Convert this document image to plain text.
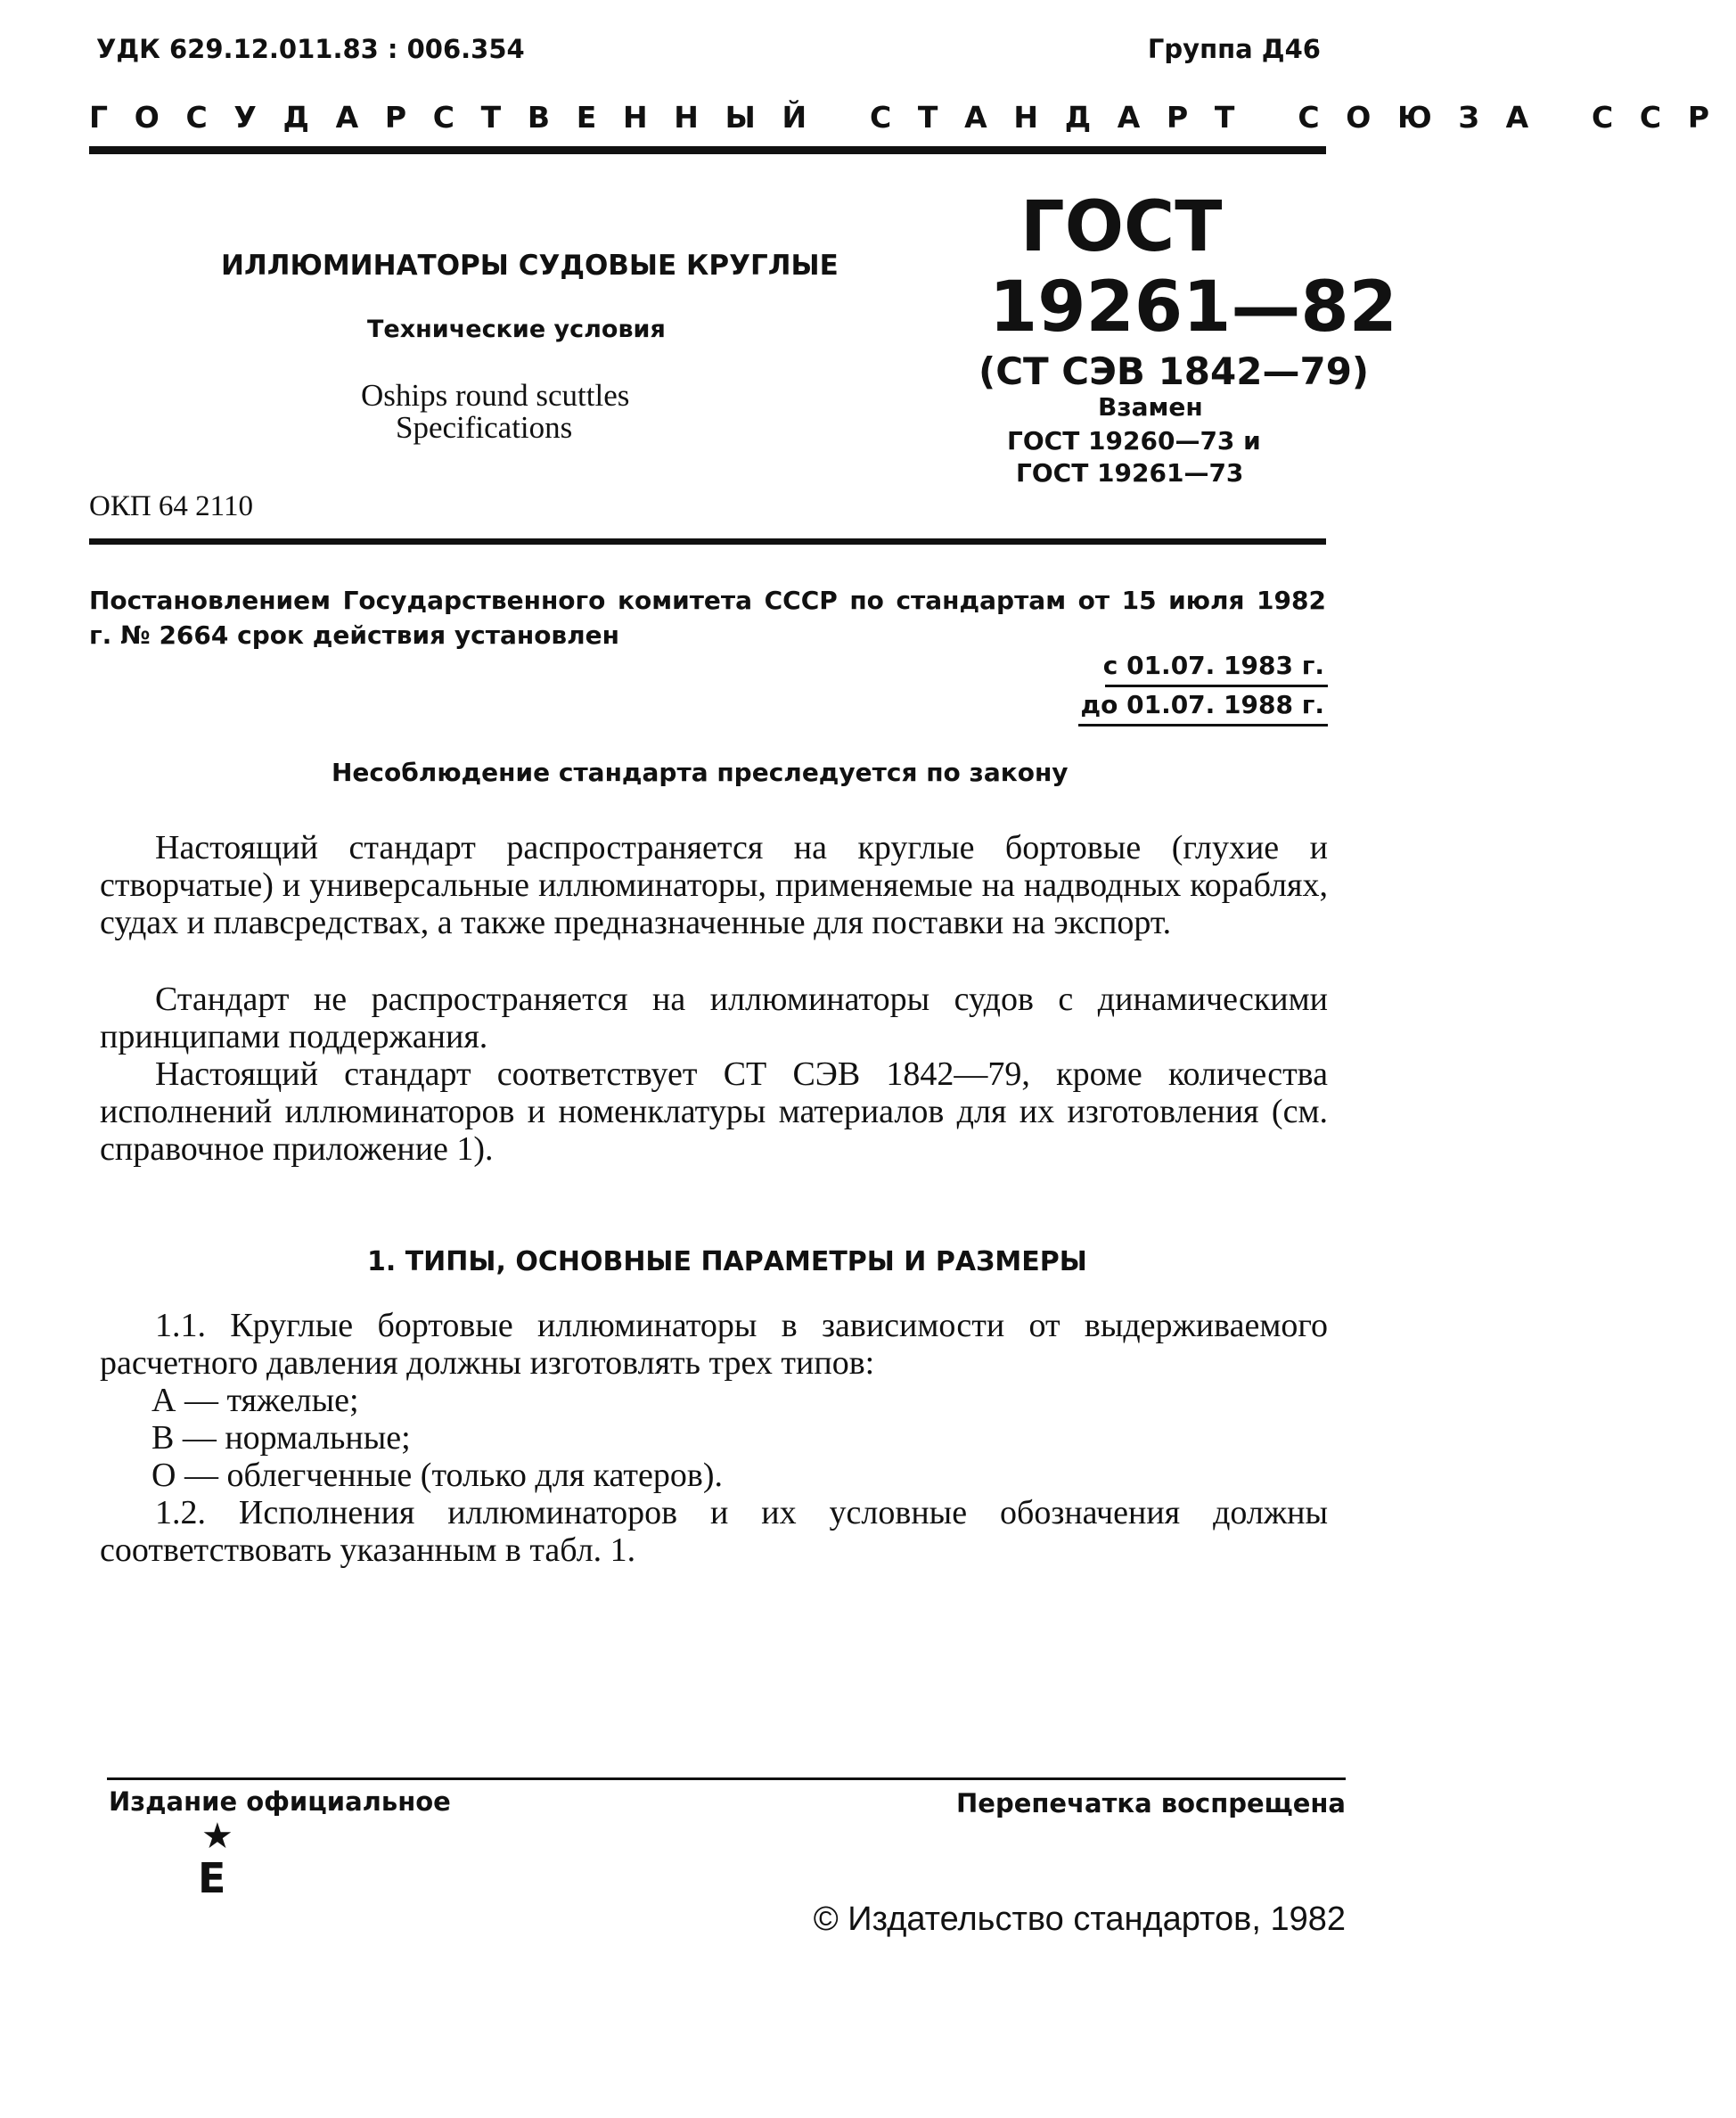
УДК 629.12.011.83 : 006.354	Группа Д46
ГОСУДАРСТВЕННЫЙ СТАНДАРТ СОЮЗА ССР
ИЛЛЮМИНАТОРЫ СУДОВЫЕ КРУГЛЫЕ
Технические условия
Oships round scuttles
Specifications
ОКП 64 2110
ГОСТ
19261—82
(СТ СЭВ 1842—79)
Взамен
ГОСТ 19260—73 и
ГОСТ 19261—73
Постановлением Государственного комитета СССР по стандартам от 15 июля 1982 г. № 2664 срок действия установлен
с 01.07. 1983 г.
до 01.07. 1988 г.
Несоблюдение стандарта преследуется по закону
Настоящий стандарт распространяется на круглые бортовые (глухие и створчатые) и универсальные иллюминаторы, применяемые на надводных кораблях, судах и плавсредствах, а также предназначенные для поставки на экспорт.
Стандарт не распространяется на иллюминаторы судов с динамическими принципами поддержания.
Настоящий стандарт соответствует СТ СЭВ 1842—79, кроме количества исполнений иллюминаторов и номенклатуры материалов для их изготовления (см. справочное приложение 1).
1. ТИПЫ, ОСНОВНЫЕ ПАРАМЕТРЫ И РАЗМЕРЫ
1.1. Круглые бортовые иллюминаторы в зависимости от выдерживаемого расчетного давления должны изготовлять трех типов:
А — тяжелые;
В — нормальные;
О — облегченные (только для катеров).
1.2. Исполнения иллюминаторов и их условные обозначения должны соответствовать указанным в табл. 1.
Издание официальное
★
Е
Перепечатка воспрещена
© Издательство стандартов, 1982
